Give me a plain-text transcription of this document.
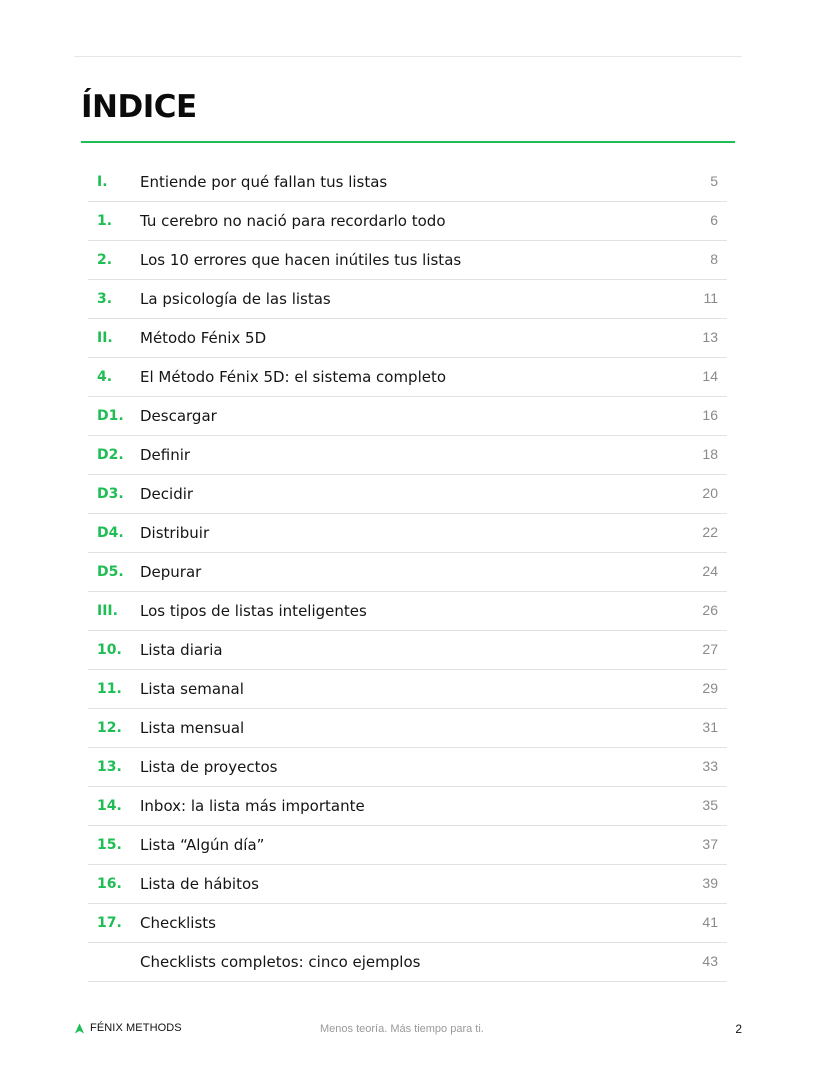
ÍNDICE
I. Entiende por qué fallan tus listas	5
1. Tu cerebro no nació para recordarlo todo	6
2. Los 10 errores que hacen inútiles tus listas	8
3. La psicología de las listas	11
II. Método Fénix 5D	13
4. El Método Fénix 5D: el sistema completo	14
D1. Descargar	16
D2. Definir	18
D3. Decidir	20
D4. Distribuir	22
D5. Depurar	24
III. Los tipos de listas inteligentes	26
10. Lista diaria	27
11. Lista semanal	29
12. Lista mensual	31
13. Lista de proyectos	33
14. Inbox: la lista más importante	35
15. Lista “Algún día”	37
16. Lista de hábitos	39
17. Checklists	41
Checklists completos: cinco ejemplos	43
FÉNIX METHODS	Menos teoría. Más tiempo para ti.	2
